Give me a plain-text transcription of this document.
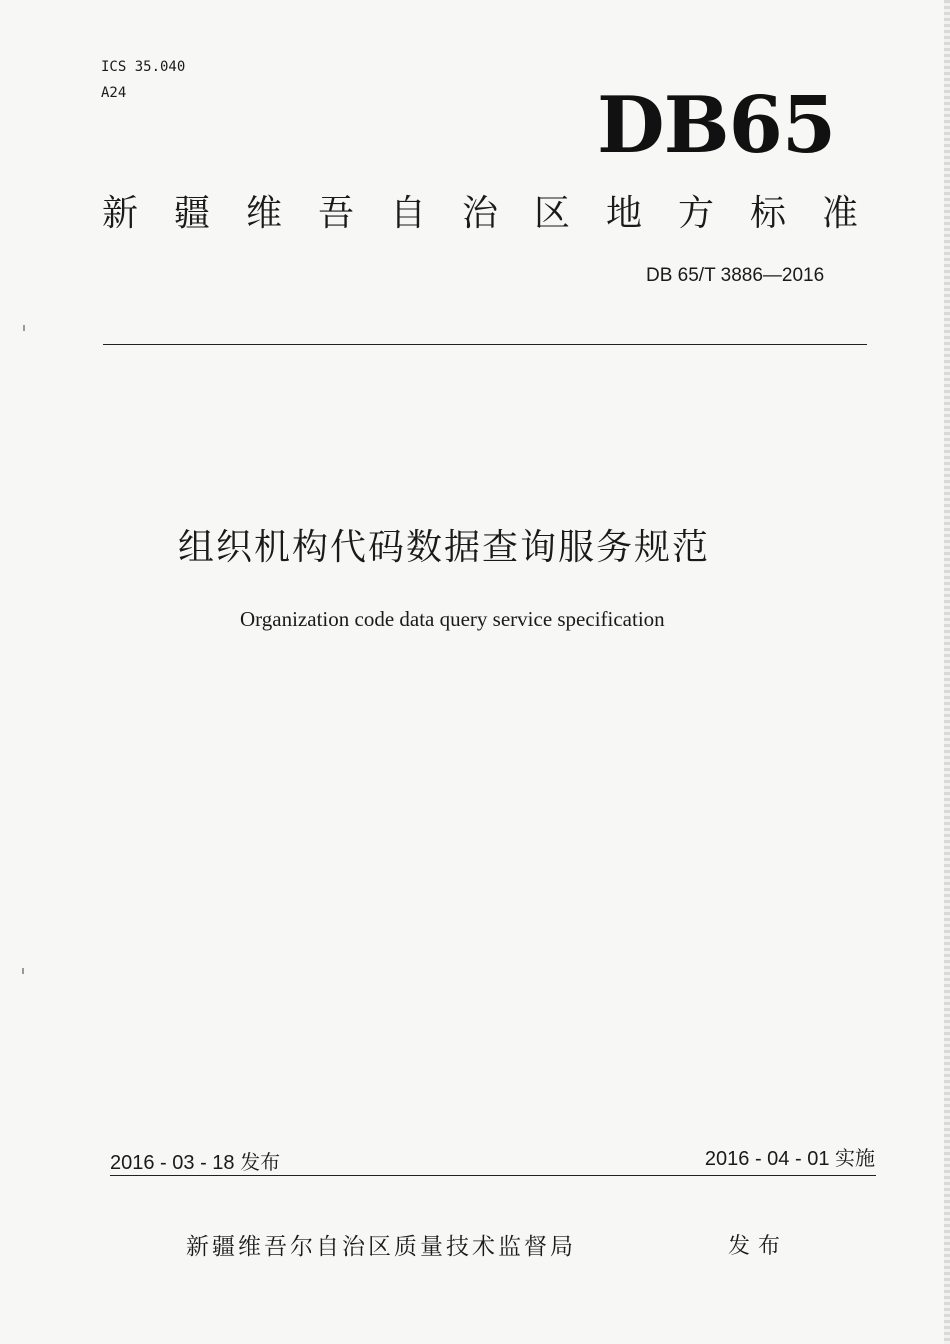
ICS 35.040
A24	DB65
新疆维吾自治区地方标准
DB 65/T 3886—2016
组织机构代码数据查询服务规范
Organization code data query service specification
2016 - 03 - 18 发布	2016 - 04 - 01 实施
新疆维吾尔自治区质量技术监督局	发布
